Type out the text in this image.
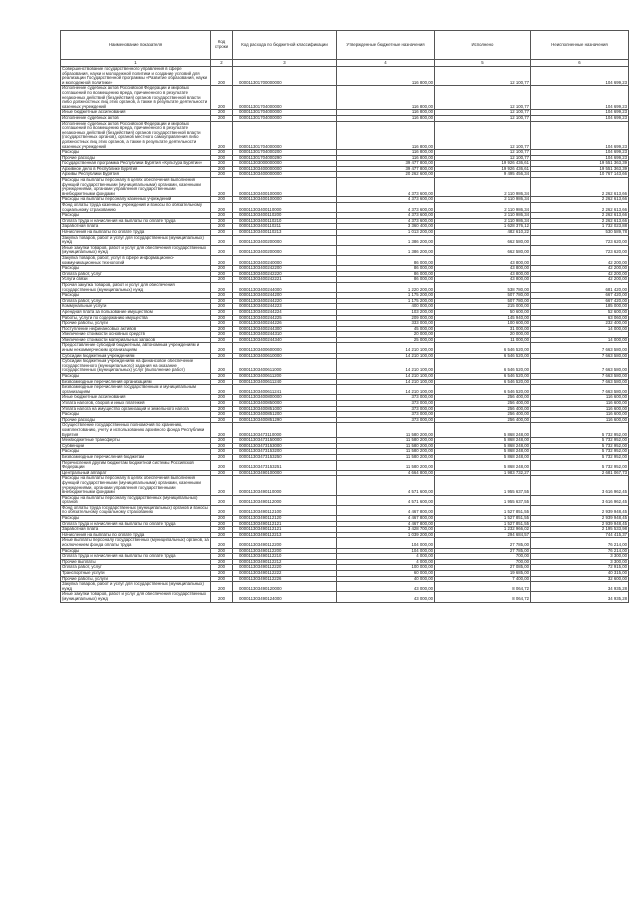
Наименование показателя	Код строки	Код расхода по бюджетной классификации	Утвержденные бюджетные назначения	Исполнено	Неисполненные назначения
1	2	3	4	5	6
Совершенствование государственного управления в сфере образования, науки и молодежной политики и создание условий для реализации Государственной программы «Развитие образования, науки и молодежной политики»	200	000011301700000000	116 800,00	12 100,77	104 699,23
Исполнение судебных актов Российской Федерации и мировых соглашений по возмещению вреда, причиненного в результате незаконных действий (бездействия) органов государственной власти либо должностных лиц этих органов, а также в результате деятельности казенных учреждений	200	000011301704000000	116 800,00	12 100,77	104 699,23
Иные бюджетные ассигнования	200	000011301704000000	116 800,00	12 100,77	104 699,23
Исполнение судебных актов	200	000011301704000000	116 800,00	12 100,77	104 699,23
Исполнение судебных актов Российской Федерации и мировых соглашений по возмещению вреда, причиненного в результате незаконных действий (бездействия) органов государственной власти (государственных органов), органов местного самоуправления либо должностных лиц этих органов, а также в результате деятельности казенных учреждений	200	000011301704000000	116 800,00	12 100,77	104 699,23
Расходы	200	000011301704000200	116 800,00	12 100,77	104 699,23
Прочие расходы	200	000011301704000290	116 800,00	12 100,77	104 699,23
Государственная программа Республики Бурятия «Культура Бурятии»	200	000011303000000000	39 477 800,00	19 926 436,61	19 551 363,39
Архивное дело в Республике Бурятия	200	000011303400000000	39 477 800,00	19 926 436,61	19 551 363,39
Архивы Республики Бурятия	200	000011303400000000	20 262 600,00	9 495 456,34	10 767 143,66
Расходы на выплаты персоналу в целях обеспечения выполнения функций государственными (муниципальными) органами, казенными учреждениями, органами управления государственными внебюджетными фондами	200	000011303400100000	4 373 600,00	2 110 986,34	2 262 613,66
Расходы на выплаты персоналу казенных учреждений	200	000011303400100000	4 373 600,00	2 110 986,34	2 262 613,66
Фонд оплаты труда казенных учреждений и взносы по обязательному социальному страхованию	200	000011303400110000	4 373 600,00	2 110 986,34	2 262 613,66
Расходы	200	000011303400110200	4 373 600,00	2 110 986,34	2 262 613,66
Оплата труда и начисления на выплаты по оплате труда	200	000011303400110210	4 373 600,00	2 110 986,34	2 262 613,66
Заработная плата	200	000011303400110211	3 360 400,00	1 628 376,12	1 732 023,88
Начисления на выплаты по оплате труда	200	000011303400110213	1 013 200,00	482 610,22	530 589,78
Закупка товаров, работ и услуг для государственных (муниципальных) нужд	200	000011303400200000	1 386 200,00	662 580,00	723 620,00
Иные закупки товаров, работ и услуг для обеспечения государственных (муниципальных) нужд	200	000011303400200000	1 386 200,00	662 580,00	723 620,00
Закупка товаров, работ, услуг в сфере информационно-коммуникационных технологий	200	000011303400240000	86 000,00	43 800,00	42 200,00
Расходы	200	000011303400242200	86 000,00	43 800,00	42 200,00
Оплата работ, услуг	200	000011303400242220	86 000,00	43 800,00	42 200,00
Услуги связи	200	000011303400242221	86 000,00	43 800,00	42 200,00
Прочая закупка товаров, работ и услуг для обеспечения государственных (муниципальных) нужд	200	000011303400244000	1 220 200,00	538 780,00	681 420,00
Расходы	200	000011303400244200	1 175 200,00	507 780,00	667 420,00
Оплата работ, услуг	200	000011303400244220	1 175 200,00	507 780,00	667 420,00
Коммунальные услуги	200	000011303400244223	400 000,00	215 000,00	185 000,00
Арендная плата за пользование имуществом	200	000011303400244224	103 200,00	50 600,00	52 600,00
Работы, услуги по содержанию имущества	200	000011303400244225	209 000,00	145 940,00	63 060,00
Прочие работы, услуги	200	000011303400244226	333 000,00	100 600,00	232 400,00
Поступление нефинансовых активов	200	000011303400244300	45 000,00	31 000,00	14 000,00
Увеличение стоимости основных средств	200	000011303400244310	20 000,00	20 000,00	
Увеличение стоимости материальных запасов	200	000011303400244340	25 000,00	11 000,00	14 000,00
Предоставление субсидий бюджетным, автономным учреждениям и иным некоммерческим организациям	200	000011303400600000	14 210 100,00	6 546 520,00	7 663 580,00
Субсидии бюджетным учреждениям	200	000011303400610000	14 210 100,00	6 546 520,00	7 663 580,00
Субсидии бюджетным учреждениям на финансовое обеспечение государственного (муниципального) задания на оказание государственных (муниципальных) услуг (выполнение работ)	200	000011303400611000	14 210 100,00	6 546 520,00	7 663 580,00
Расходы	200	000011303400611200	14 210 100,00	6 546 520,00	7 663 580,00
Безвозмездные перечисления организациям	200	000011303400611240	14 210 100,00	6 546 520,00	7 663 580,00
Безвозмездные перечисления государственным и муниципальным организациям	200	000011303400611241	14 210 100,00	6 546 520,00	7 663 580,00
Иные бюджетные ассигнования	200	000011303400800000	373 000,00	256 400,00	116 600,00
Уплата налогов, сборов и иных платежей	200	000011303400850000	373 000,00	256 400,00	116 600,00
Уплата налога на имущество организаций и земельного налога	200	000011303400851000	373 000,00	256 400,00	116 600,00
Расходы	200	000011303400851200	373 000,00	256 400,00	116 600,00
Прочие расходы	200	000011303400851290	373 000,00	256 400,00	116 600,00
Осуществление государственных полномочий по хранению, комплектованию, учету и использованию архивного фонда Республики Бурятия	200	000011303473110000	11 580 200,00	5 868 248,00	5 732 952,00
Межбюджетные трансферты	200	000011303473150000	11 580 200,00	5 868 248,00	5 732 952,00
Субвенции	200	000011303473153000	11 580 200,00	5 868 248,00	5 732 952,00
Расходы	200	000011303473153200	11 580 200,00	5 868 248,00	5 732 952,00
Безвозмездные перечисления бюджетам	200	000011303473153250	11 580 200,00	5 868 248,00	5 732 952,00
Перечисления другим бюджетам бюджетной системы Российской Федерации	200	000011303473153251	11 580 200,00	5 868 248,00	5 732 952,00
Центральный аппарат	200	000011303490100000	4 664 800,00	1 983 732,27	2 681 067,73
Расходы на выплаты персоналу в целях обеспечения выполнения функций государственными (муниципальными) органами, казенными учреждениями, органами управления государственными внебюджетными фондами	200	000011303490110000	4 571 600,00	1 955 637,55	3 616 962,45
Расходы на выплаты персоналу государственных (муниципальных) органов	200	000011303490112000	4 571 600,00	1 955 637,55	3 616 962,45
Фонд оплаты труда государственных (муниципальных) органов и взносы по обязательному социальному страхованию	200	000011303490112100	4 467 800,00	1 527 851,55	2 939 948,45
Расходы	200	000011303490112120	4 467 800,00	1 527 851,55	2 939 948,45
Оплата труда и начисления на выплаты по оплате труда	200	000011303490112121	4 467 800,00	1 527 851,55	2 939 948,45
Заработная плата	200	000011303490112121	3 428 700,00	1 232 966,02	2 195 533,98
Начисления на выплаты по оплате труда	200	000011303490112213	1 039 200,00	294 684,57	744 415,37
Иные выплаты персоналу государственных (муниципальных) органов, за исключением фонда оплаты труда	200	000011303490112200	104 000,00	27 785,00	76 214,00
Расходы	200	000011303490112200	104 000,00	27 785,00	76 214,00
Оплата труда и начисления на выплаты по оплате труда	200	000011303490112210	4 000,00	700,00	3 300,00
Прочие выплаты	200	000011303490112212	4 000,00	700,00	3 300,00
Оплата работ, услуг	200	000011303490112220	100 000,00	27 085,00	72 915,00
Транспортные услуги	200	000011303490112222	60 000,00	19 685,00	40 315,00
Прочие работы, услуги	200	000011303490112226	40 000,00	7 400,00	32 600,00
Закупка товаров, работ и услуг для государственных (муниципальных) нужд	200	000011303490120000	43 000,00	8 064,72	34 935,28
Иные закупки товаров, работ и услуг для обеспечения государственных (муниципальных) нужд	200	000011303490124000	43 000,00	8 064,72	34 935,28
